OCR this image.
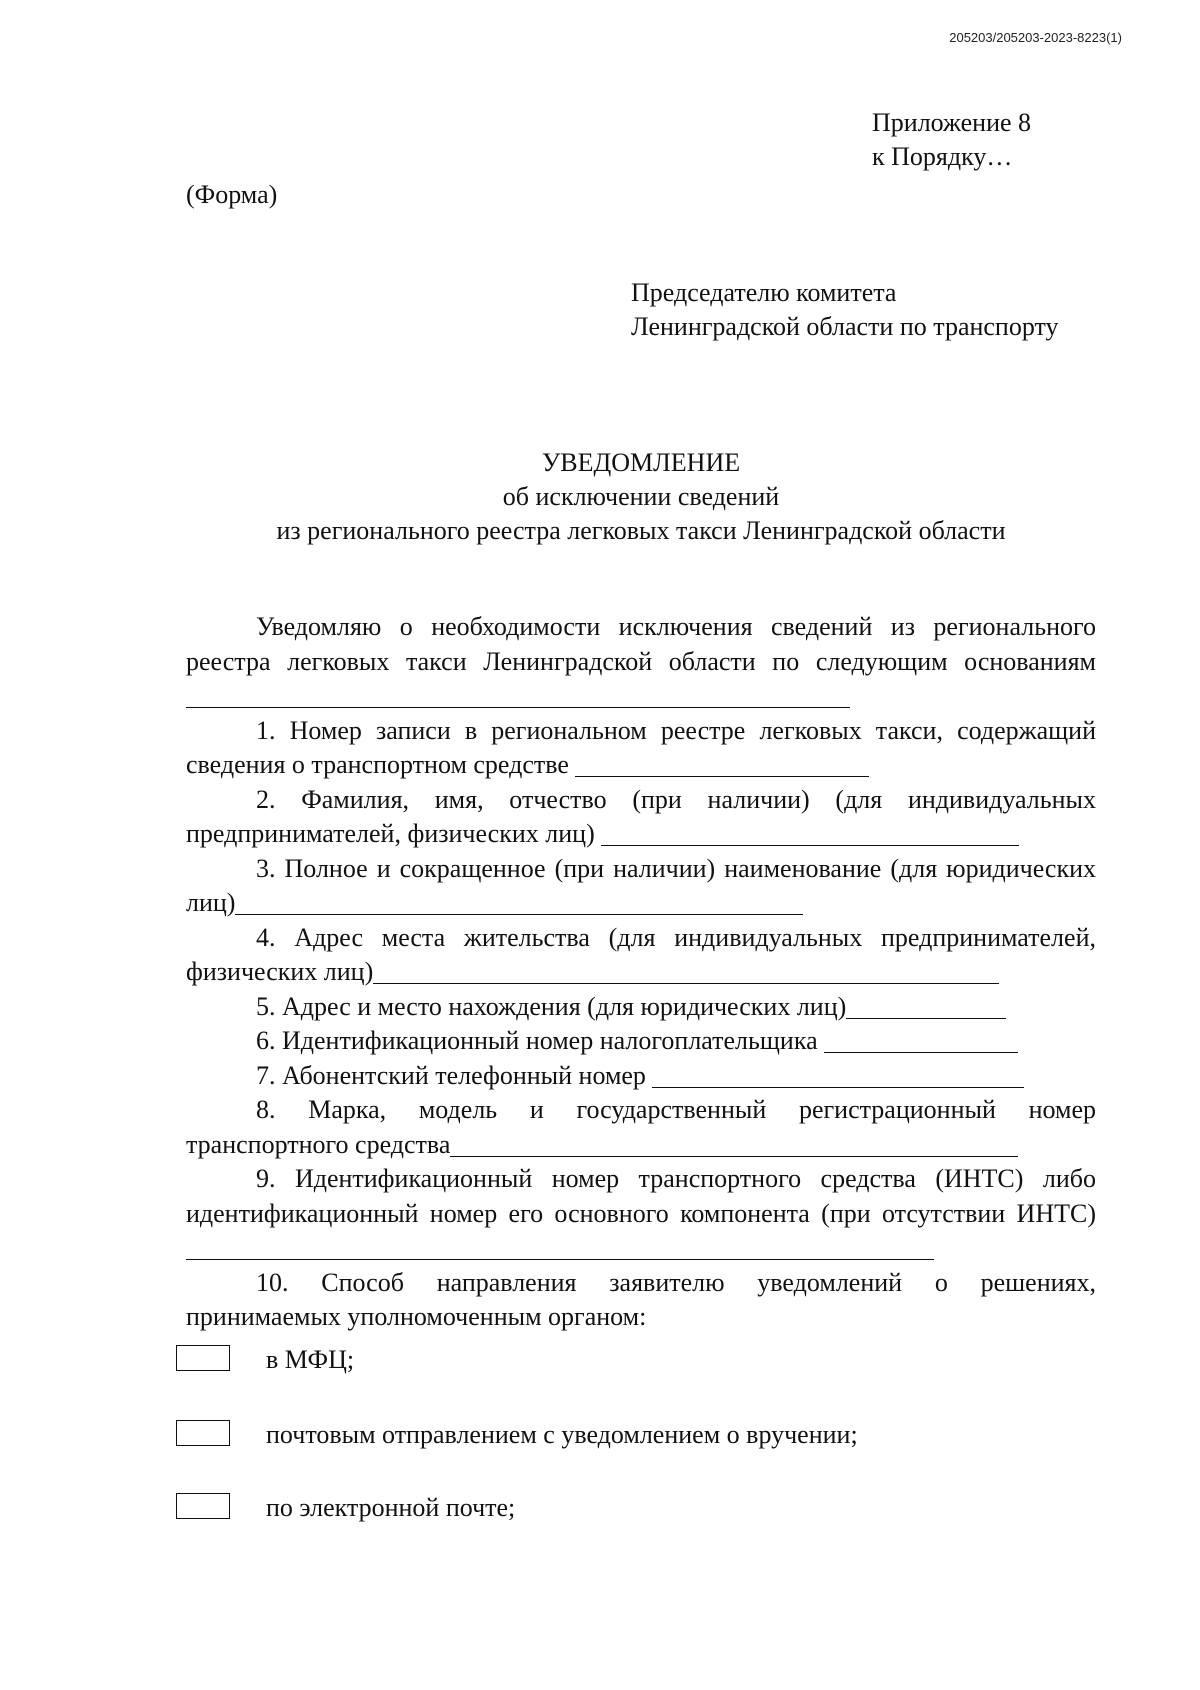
205203/205203-2023-8223(1)
Приложение 8
к Порядку…
(Форма)
Председателю комитета
Ленинградской области по транспорту
УВЕДОМЛЕНИЕ
об исключении сведений
из регионального реестра легковых такси Ленинградской области

Уведомляю о необходимости исключения сведений из регионального реестра легковых такси Ленинградской области по следующим основаниям

1. Номер записи в региональном реестре легковых такси, содержащий сведения о транспортном средстве

2. Фамилия, имя, отчество (при наличии) (для индивидуальных предпринимателей, физических лиц)

3. Полное и сокращенное (при наличии) наименование (для юридических лиц)

4. Адрес места жительства (для индивидуальных предпринимателей, физических лиц)

5. Адрес и место нахождения (для юридических лиц)

6. Идентификационный номер налогоплательщика

7. Абонентский телефонный номер

8. Марка, модель и государственный регистрационный номер транспортного средства

9. Идентификационный номер транспортного средства (ИНТС) либо идентификационный номер его основного компонента (при отсутствии ИНТС)

10. Способ направления заявителю уведомлений о решениях, принимаемых уполномоченным органом:

в МФЦ;
почтовым отправлением с уведомлением о вручении;
по электронной почте;
